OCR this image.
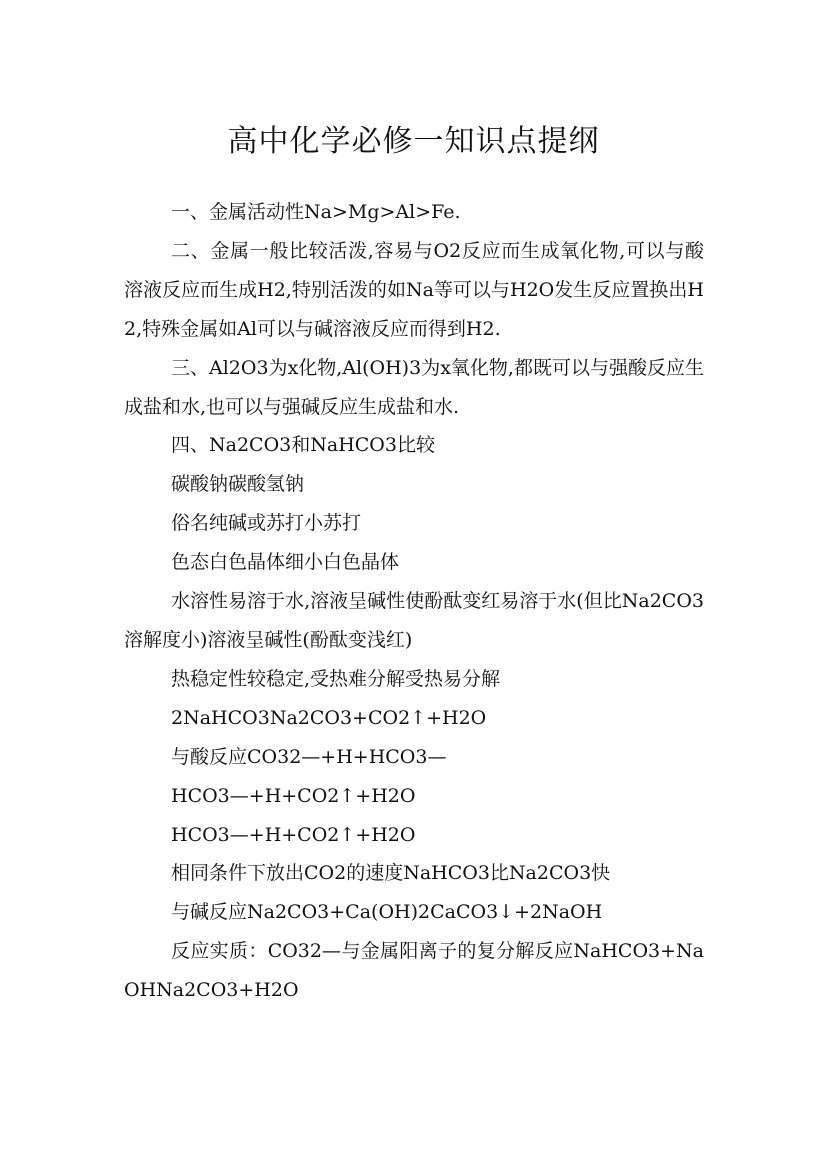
高中化学必修一知识点提纲

一、金属活动性Na>Mg>Al>Fe.

二、金属一般比较活泼,容易与O2反应而生成氧化物,可以与酸溶液反应而生成H2,特别活泼的如Na等可以与H2O发生反应置换出H2,特殊金属如Al可以与碱溶液反应而得到H2.

三、Al2O3为x化物,Al(OH)3为x氧化物,都既可以与强酸反应生成盐和水,也可以与强碱反应生成盐和水.

四、Na2CO3和NaHCO3比较

碳酸钠碳酸氢钠

俗名纯碱或苏打小苏打

色态白色晶体细小白色晶体

水溶性易溶于水,溶液呈碱性使酚酞变红易溶于水(但比Na2CO3溶解度小)溶液呈碱性(酚酞变浅红)

热稳定性较稳定,受热难分解受热易分解

2NaHCO3Na2CO3+CO2↑+H2O

与酸反应CO32—+H+HCO3—

HCO3—+H+CO2↑+H2O

HCO3—+H+CO2↑+H2O

相同条件下放出CO2的速度NaHCO3比Na2CO3快

与碱反应Na2CO3+Ca(OH)2CaCO3↓+2NaOH

反应实质：CO32—与金属阳离子的复分解反应NaHCO3+NaOHNa2CO3+H2O
